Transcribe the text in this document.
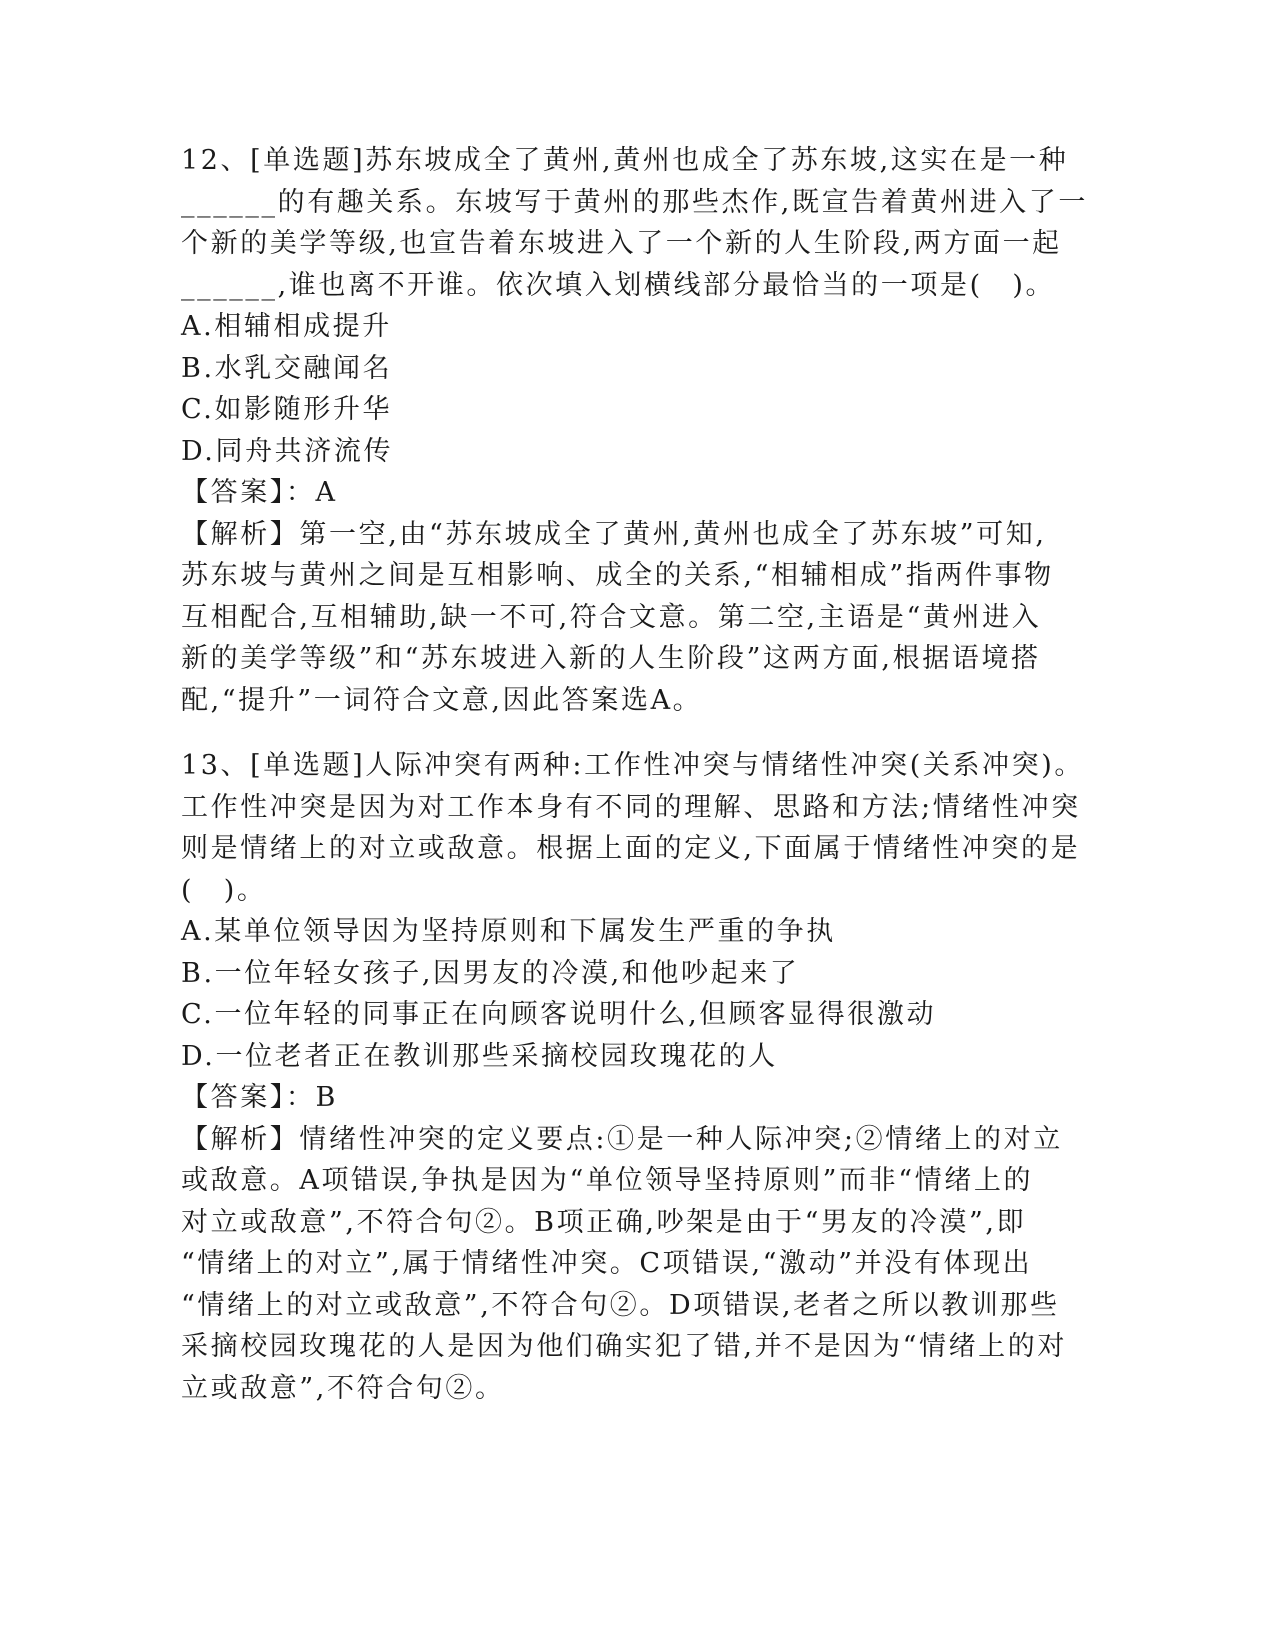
12、[单选题]苏东坡成全了黄州,黄州也成全了苏东坡,这实在是一种
______的有趣关系。东坡写于黄州的那些杰作,既宣告着黄州进入了一
个新的美学等级,也宣告着东坡进入了一个新的人生阶段,两方面一起
______,谁也离不开谁。依次填入划横线部分最恰当的一项是(　)。
A.相辅相成提升
B.水乳交融闻名
C.如影随形升华
D.同舟共济流传
【答案】：A
【解析】第一空,由“苏东坡成全了黄州,黄州也成全了苏东坡”可知,
苏东坡与黄州之间是互相影响、成全的关系,“相辅相成”指两件事物
互相配合,互相辅助,缺一不可,符合文意。第二空,主语是“黄州进入
新的美学等级”和“苏东坡进入新的人生阶段”这两方面,根据语境搭
配,“提升”一词符合文意,因此答案选A。
13、[单选题]人际冲突有两种:工作性冲突与情绪性冲突(关系冲突)。
工作性冲突是因为对工作本身有不同的理解、思路和方法;情绪性冲突
则是情绪上的对立或敌意。根据上面的定义,下面属于情绪性冲突的是
(　)。
A.某单位领导因为坚持原则和下属发生严重的争执
B.一位年轻女孩子,因男友的冷漠,和他吵起来了
C.一位年轻的同事正在向顾客说明什么,但顾客显得很激动
D.一位老者正在教训那些采摘校园玫瑰花的人
【答案】：B
【解析】情绪性冲突的定义要点:①是一种人际冲突;②情绪上的对立
或敌意。A项错误,争执是因为“单位领导坚持原则”而非“情绪上的
对立或敌意”,不符合句②。B项正确,吵架是由于“男友的冷漠”,即
“情绪上的对立”,属于情绪性冲突。C项错误,“激动”并没有体现出
“情绪上的对立或敌意”,不符合句②。D项错误,老者之所以教训那些
采摘校园玫瑰花的人是因为他们确实犯了错,并不是因为“情绪上的对
立或敌意”,不符合句②。
